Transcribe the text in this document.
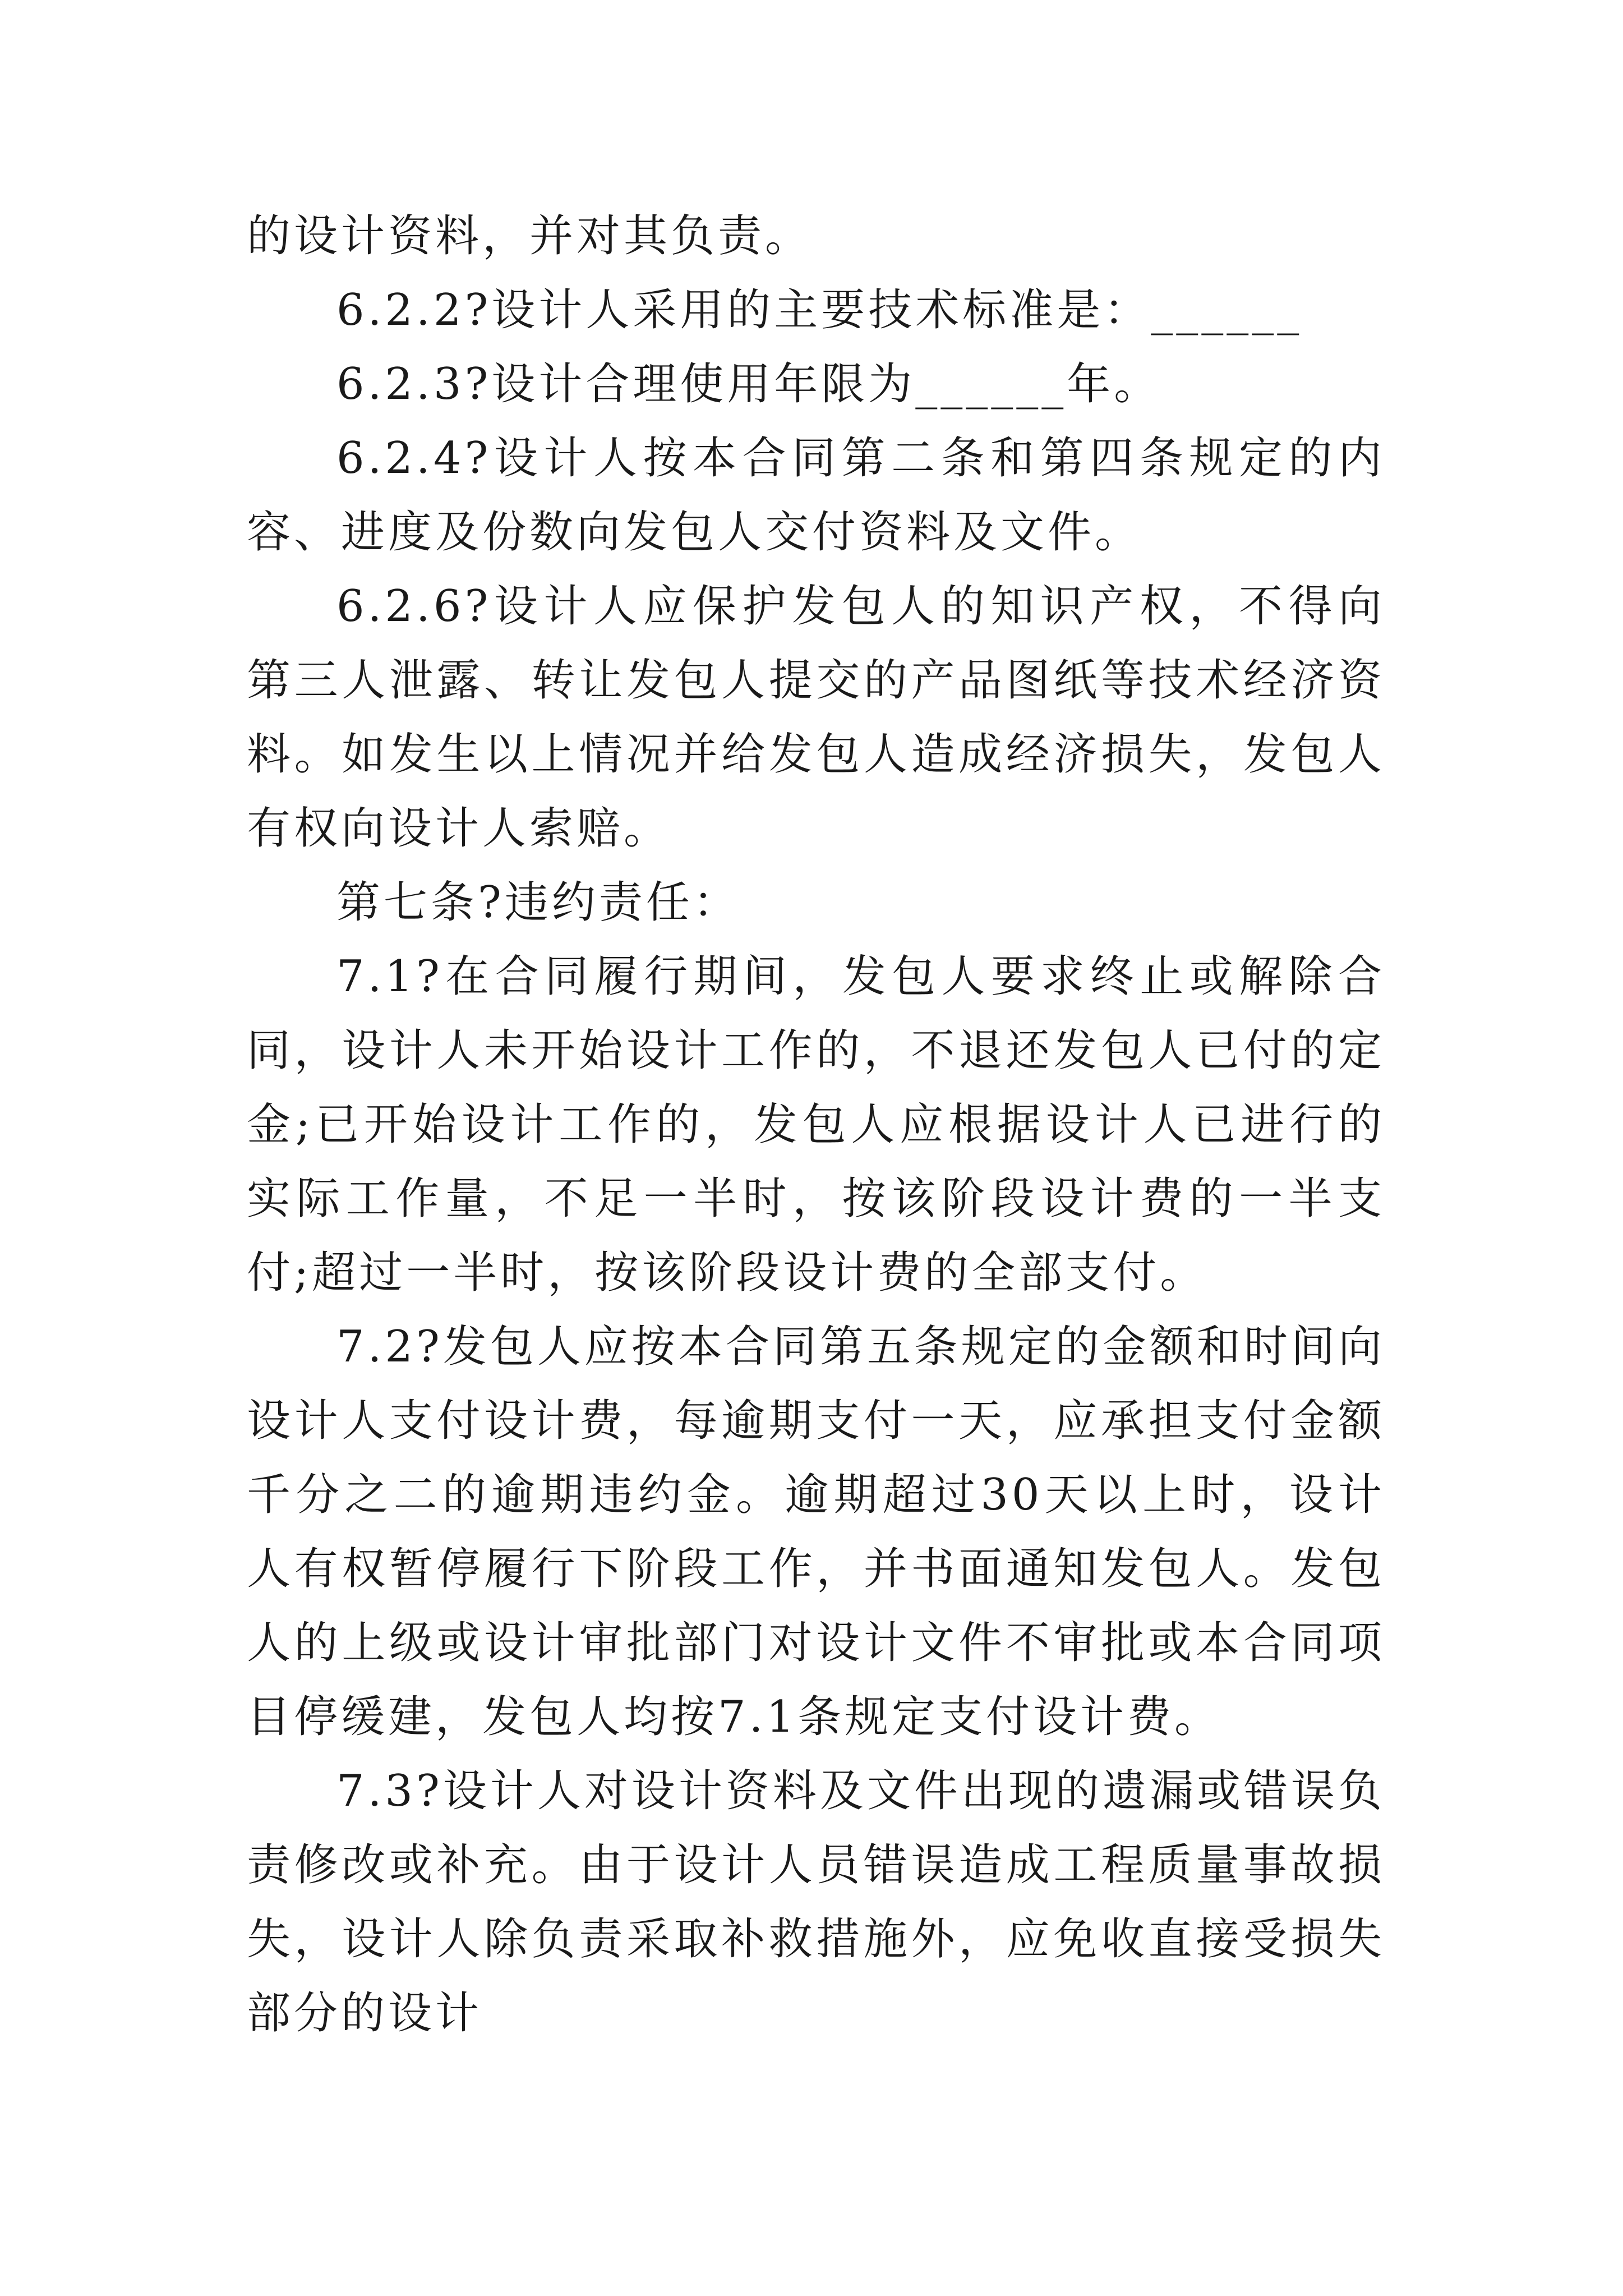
的设计资料，并对其负责。

6.2.2?设计人采用的主要技术标准是：______

6.2.3?设计合理使用年限为______年。

6.2.4?设计人按本合同第二条和第四条规定的内容、进度及份数向发包人交付资料及文件。

6.2.6?设计人应保护发包人的知识产权，不得向第三人泄露、转让发包人提交的产品图纸等技术经济资料。如发生以上情况并给发包人造成经济损失，发包人有权向设计人索赔。

第七条?违约责任：

7.1?在合同履行期间，发包人要求终止或解除合同，设计人未开始设计工作的，不退还发包人已付的定金;已开始设计工作的，发包人应根据设计人已进行的实际工作量，不足一半时，按该阶段设计费的一半支付;超过一半时，按该阶段设计费的全部支付。

7.2?发包人应按本合同第五条规定的金额和时间向设计人支付设计费，每逾期支付一天，应承担支付金额千分之二的逾期违约金。逾期超过30天以上时，设计人有权暂停履行下阶段工作，并书面通知发包人。发包人的上级或设计审批部门对设计文件不审批或本合同项目停缓建，发包人均按7.1条规定支付设计费。

7.3?设计人对设计资料及文件出现的遗漏或错误负责修改或补充。由于设计人员错误造成工程质量事故损失，设计人除负责采取补救措施外，应免收直接受损失部分的设计
